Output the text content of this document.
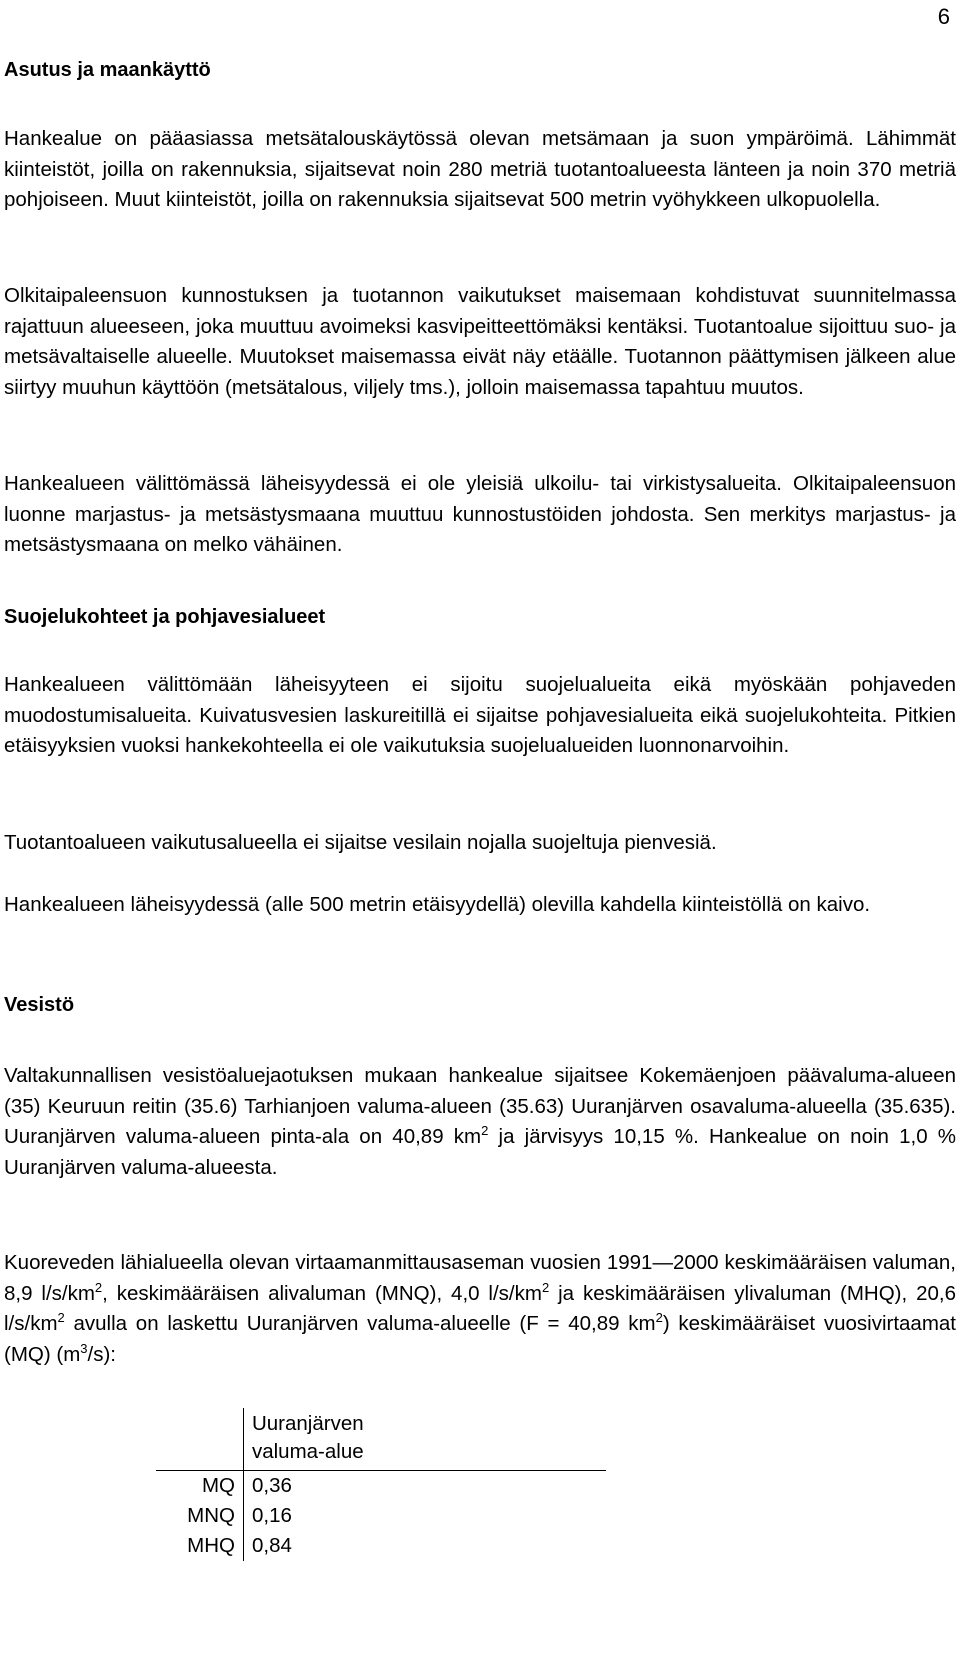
6
Asutus ja maankäyttö

Hankealue on pääasiassa metsätalouskäytössä olevan metsämaan ja suon ympäröimä. Lähimmät kiinteistöt, joilla on rakennuksia, sijaitsevat noin 280 metriä tuotantoalueesta länteen ja noin 370 metriä pohjoiseen. Muut kiinteistöt, joilla on rakennuksia sijaitsevat 500 metrin vyöhykkeen ulkopuolella.

Olkitaipaleensuon kunnostuksen ja tuotannon vaikutukset maisemaan kohdistuvat suunnitelmassa rajattuun alueeseen, joka muuttuu avoimeksi kasvipeitteettömäksi kentäksi. Tuotantoalue sijoittuu suo- ja metsävaltaiselle alueelle. Muutokset maisemassa eivät näy etäälle. Tuotannon päättymisen jälkeen alue siirtyy muuhun käyttöön (metsätalous, viljely tms.), jolloin maisemassa tapahtuu muutos.

Hankealueen välittömässä läheisyydessä ei ole yleisiä ulkoilu- tai virkistysalueita. Olkitaipaleensuon luonne marjastus- ja metsästysmaana muuttuu kunnostustöiden johdosta. Sen merkitys marjastus- ja metsästysmaana on melko vähäinen.

Suojelukohteet ja pohjavesialueet

Hankealueen välittömään läheisyyteen ei sijoitu suojelualueita eikä myöskään pohjaveden muodostumisalueita. Kuivatusvesien laskureitillä ei sijaitse pohjavesialueita eikä suojelukohteita. Pitkien etäisyyksien vuoksi hankekohteella ei ole vaikutuksia suojelualueiden luonnonarvoihin.

Tuotantoalueen vaikutusalueella ei sijaitse vesilain nojalla suojeltuja pienvesiä.

Hankealueen läheisyydessä (alle 500 metrin etäisyydellä) olevilla kahdella kiinteistöllä on kaivo.

Vesistö

Valtakunnallisen vesistöaluejaotuksen mukaan hankealue sijaitsee Kokemäenjoen päävaluma-alueen (35) Keuruun reitin (35.6) Tarhianjoen valuma-alueen (35.63) Uuranjärven osavaluma-alueella (35.635). Uuranjärven valuma-alueen pinta-ala on 40,89 $km^2$ ja järvisyys 10,15 %. Hankealue on noin 1,0 % Uuranjärven valuma-alueesta.

Kuoreveden lähialueella olevan virtaamanmittausaseman vuosien 1991—2000 keskimääräisen valuman, 8,9 $l/s/km^2$, keskimääräisen alivaluman (MNQ), 4,0 $l/s/km^2$ ja keskimääräisen ylivaluman (MHQ), 20,6 $l/s/km^2$ avulla on laskettu Uuranjärven valuma-alueelle (F = 40,89 $km^2$) keskimääräiset vuosivirtaamat (MQ) $(m^3/s)$:

	Uuranjärven
valuma-alue

MQ	0,36
MNQ	0,16
MHQ	0,84
